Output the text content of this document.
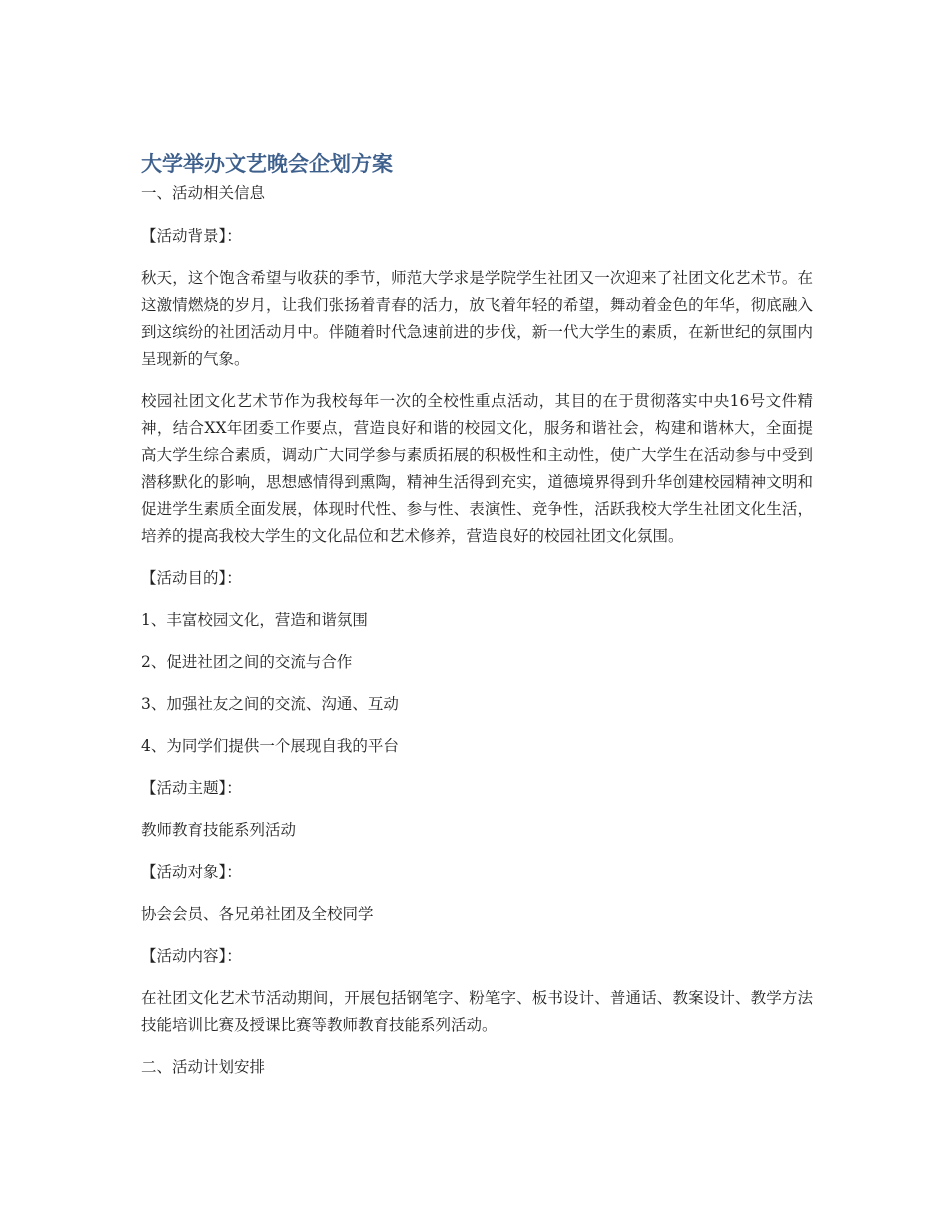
大学举办文艺晚会企划方案

一、活动相关信息

【活动背景】：

秋天，这个饱含希望与收获的季节，师范大学求是学院学生社团又一次迎来了社团文化艺术节。在这激情燃烧的岁月，让我们张扬着青春的活力，放飞着年轻的希望，舞动着金色的年华，彻底融入到这缤纷的社团活动月中。伴随着时代急速前进的步伐，新一代大学生的素质，在新世纪的氛围内呈现新的气象。

校园社团文化艺术节作为我校每年一次的全校性重点活动，其目的在于贯彻落实中央16号文件精神，结合XX年团委工作要点，营造良好和谐的校园文化，服务和谐社会，构建和谐林大，全面提高大学生综合素质，调动广大同学参与素质拓展的积极性和主动性，使广大学生在活动参与中受到潜移默化的影响，思想感情得到熏陶，精神生活得到充实，道德境界得到升华创建校园精神文明和促进学生素质全面发展，体现时代性、参与性、表演性、竞争性，活跃我校大学生社团文化生活，培养的提高我校大学生的文化品位和艺术修养，营造良好的校园社团文化氛围。

【活动目的】：

1、丰富校园文化，营造和谐氛围

2、促进社团之间的交流与合作

3、加强社友之间的交流、沟通、互动

4、为同学们提供一个展现自我的平台

【活动主题】：

教师教育技能系列活动

【活动对象】：

协会会员、各兄弟社团及全校同学

【活动内容】：

在社团文化艺术节活动期间，开展包括钢笔字、粉笔字、板书设计、普通话、教案设计、教学方法技能培训比赛及授课比赛等教师教育技能系列活动。

二、活动计划安排
